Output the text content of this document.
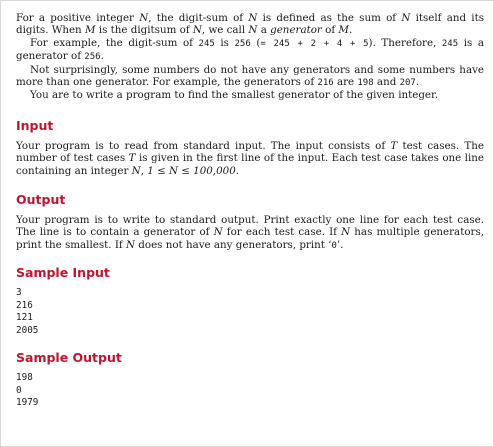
For a positive integer N, the digit-sum of N is defined as the sum of N itself and its digits. When M is the digitsum of N, we call N a generator of M.

For example, the digit-sum of 245 is 256 (= 245 + 2 + 4 + 5). Therefore, 245 is a generator of 256.

Not surprisingly, some numbers do not have any generators and some numbers have more than one generator. For example, the generators of 216 are 198 and 207.

You are to write a program to find the smallest generator of the given integer.

Input

Your program is to read from standard input. The input consists of T test cases. The number of test cases T is given in the first line of the input. Each test case takes one line containing an integer N, 1 ≤ N ≤ 100,000.

Output

Your program is to write to standard output. Print exactly one line for each test case. The line is to contain a generator of N for each test case. If N has multiple generators, print the smallest. If N does not have any generators, print ‘0’.

Sample Input
3
216
121
2005
Sample Output
198
0
1979
